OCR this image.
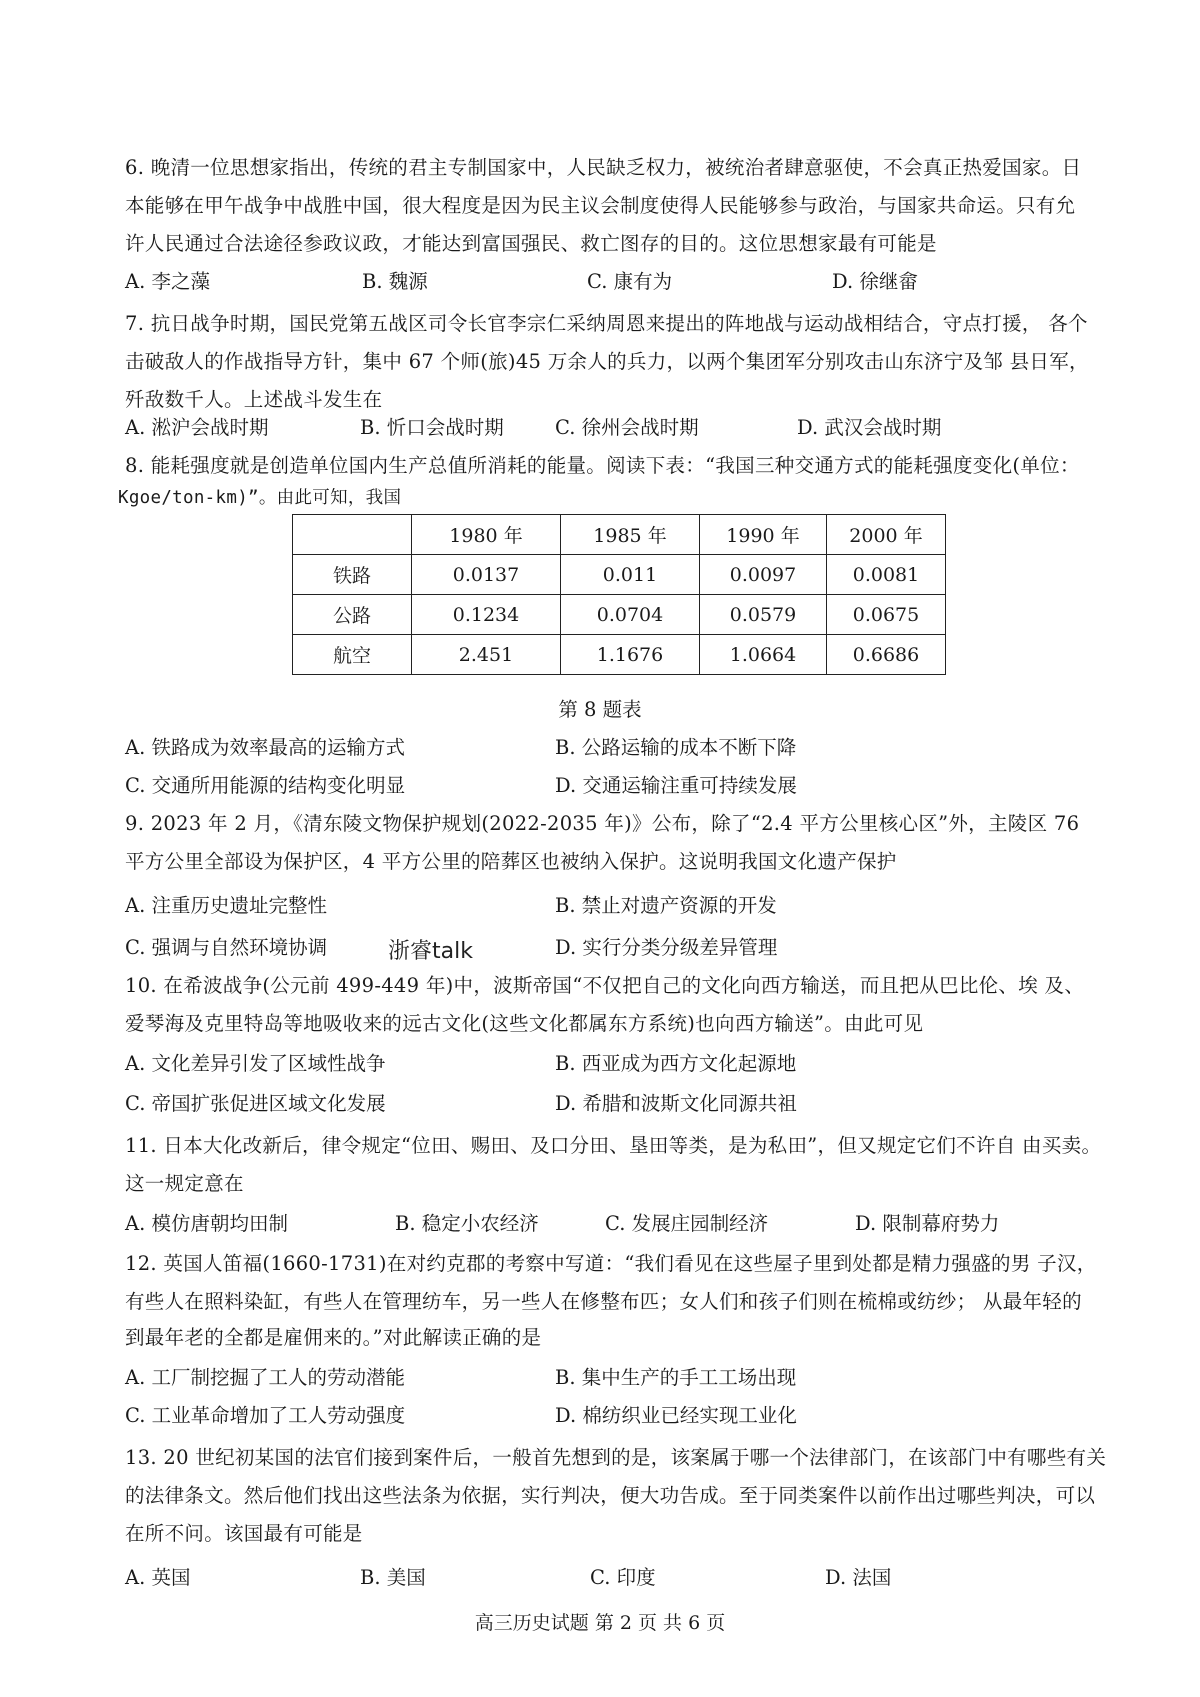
6. 晚清一位思想家指出，传统的君主专制国家中，人民缺乏权力，被统治者肆意驱使，不会真正热爱国家。日
本能够在甲午战争中战胜中国，很大程度是因为民主议会制度使得人民能够参与政治，与国家共命运。只有允
许人民通过合法途径参政议政，才能达到富国强民、救亡图存的目的。这位思想家最有可能是
A. 李之藻	B. 魏源	C. 康有为	D. 徐继畲
7. 抗日战争时期，国民党第五战区司令长官李宗仁采纳周恩来提出的阵地战与运动战相结合，守点打援， 各个
击破敌人的作战指导方针，集中 67 个师(旅)45 万余人的兵力，以两个集团军分别攻击山东济宁及邹 县日军，
歼敌数千人。上述战斗发生在
A. 淞沪会战时期	B. 忻口会战时期	C. 徐州会战时期	D. 武汉会战时期
8. 能耗强度就是创造单位国内生产总值所消耗的能量。阅读下表：“我国三种交通方式的能耗强度变化(单位：
Kgoe/ton-km)”。由此可知，我国
	1980 年	1985 年	1990 年	2000 年
铁路	0.0137	0.011	0.0097	0.0081
公路	0.1234	0.0704	0.0579	0.0675
航空	2.451	1.1676	1.0664	0.6686
第 8 题表
A. 铁路成为效率最高的运输方式	B. 公路运输的成本不断下降
C. 交通所用能源的结构变化明显	D. 交通运输注重可持续发展
9. 2023 年 2 月，《清东陵文物保护规划(2022-2035 年)》公布，除了“2.4 平方公里核心区”外，主陵区 76
平方公里全部设为保护区，4 平方公里的陪葬区也被纳入保护。这说明我国文化遗产保护
A. 注重历史遗址完整性	B. 禁止对遗产资源的开发
C. 强调与自然环境协调	D. 实行分类分级差异管理
浙睿talk
10. 在希波战争(公元前 499-449 年)中，波斯帝国“不仅把自己的文化向西方输送，而且把从巴比伦、埃 及、
爱琴海及克里特岛等地吸收来的远古文化(这些文化都属东方系统)也向西方输送”。由此可见
A. 文化差异引发了区域性战争	B. 西亚成为西方文化起源地
C. 帝国扩张促进区域文化发展	D. 希腊和波斯文化同源共祖
11. 日本大化改新后，律令规定“位田、赐田、及口分田、垦田等类，是为私田”，但又规定它们不许自 由买卖。
这一规定意在
A. 模仿唐朝均田制	B. 稳定小农经济	C. 发展庄园制经济	D. 限制幕府势力
12. 英国人笛福(1660-1731)在对约克郡的考察中写道：“我们看见在这些屋子里到处都是精力强盛的男 子汉，
有些人在照料染缸，有些人在管理纺车，另一些人在修整布匹；女人们和孩子们则在梳棉或纺纱； 从最年轻的
到最年老的全都是雇佣来的。”对此解读正确的是
A. 工厂制挖掘了工人的劳动潜能	B. 集中生产的手工工场出现
C. 工业革命增加了工人劳动强度	D. 棉纺织业已经实现工业化
13. 20 世纪初某国的法官们接到案件后，一般首先想到的是，该案属于哪一个法律部门，在该部门中有哪些有关
的法律条文。然后他们找出这些法条为依据，实行判决，便大功告成。至于同类案件以前作出过哪些判决，可以
在所不问。该国最有可能是
A. 英国	B. 美国	C. 印度	D. 法国
高三历史试题 第 2 页 共 6 页
